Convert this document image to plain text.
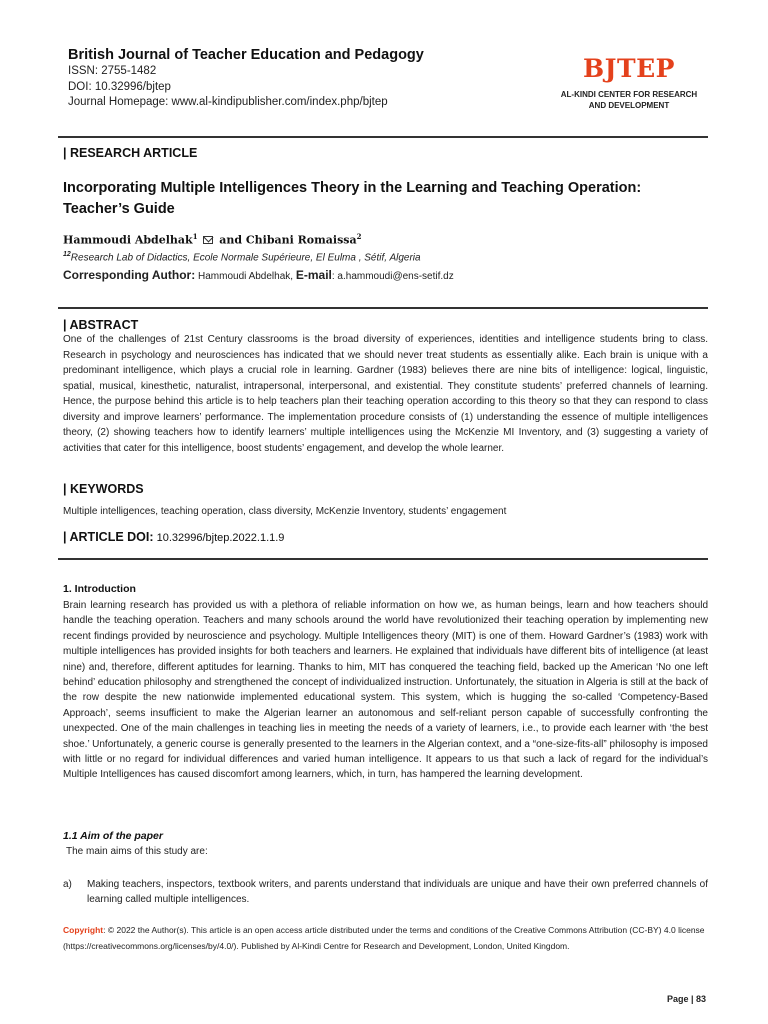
British Journal of Teacher Education and Pedagogy
ISSN: 2755-1482
DOI: 10.32996/bjtep
Journal Homepage: www.al-kindipublisher.com/index.php/bjtep
BJTEP
AL-KINDI CENTER FOR RESEARCH
AND DEVELOPMENT
| RESEARCH ARTICLE
Incorporating Multiple Intelligences Theory in the Learning and Teaching Operation: Teacher’s Guide
Hammoudi Abdelhak$^1$  and Chibani Romaissa$^2$
$^{12}$Research Lab of Didactics, Ecole Normale Supérieure, El Eulma , Sétif, Algeria
Corresponding Author: Hammoudi Abdelhak, E-mail: a.hammoudi@ens-setif.dz
| ABSTRACT
One of the challenges of 21st Century classrooms is the broad diversity of experiences, identities and intelligence students bring to class. Research in psychology and neurosciences has indicated that we should never treat students as essentially alike. Each brain is unique with a predominant intelligence, which plays a crucial role in learning. Gardner (1983) believes there are nine bits of intelligence: logical, linguistic, spatial, musical, kinesthetic, naturalist, intrapersonal, interpersonal, and existential. They constitute students’ preferred channels of learning. Hence, the purpose behind this article is to help teachers plan their teaching operation according to this theory so that they can respond to class diversity and improve learners’ performance. The implementation procedure consists of (1) understanding the essence of multiple intelligences theory, (2) showing teachers how to identify learners’ multiple intelligences using the McKenzie MI Inventory, and (3) suggesting a variety of activities that cater for this intelligence, boost students’ engagement, and develop the whole learner.
| KEYWORDS
Multiple intelligences, teaching operation, class diversity, McKenzie Inventory, students’ engagement
| ARTICLE DOI: 10.32996/bjtep.2022.1.1.9
1. Introduction
Brain learning research has provided us with a plethora of reliable information on how we, as human beings, learn and how teachers should handle the teaching operation. Teachers and many schools around the world have revolutionized their teaching operation by implementing new recent findings provided by neuroscience and psychology. Multiple Intelligences theory (MIT) is one of them. Howard Gardner’s (1983) work with multiple intelligences has provided insights for both teachers and learners. He explained that individuals have different bits of intelligence (at least nine) and, therefore, different aptitudes for learning. Thanks to him, MIT has conquered the teaching field, backed up the American ‘No one left behind’ education philosophy and strengthened the concept of individualized instruction. Unfortunately, the situation in Algeria is still at the back of the row despite the new nationwide implemented educational system. This system, which is hugging the so-called ‘Competency-Based Approach’, seems insufficient to make the Algerian learner an autonomous and self-reliant person capable of successfully confronting the unexpected. One of the main challenges in teaching lies in meeting the needs of a variety of learners, i.e., to provide each learner with ‘the best shoe.’ Unfortunately, a generic course is generally presented to the learners in the Algerian context, and a “one-size-fits-all” philosophy is imposed with little or no regard for individual differences and varied human intelligence. It appears to us that such a lack of regard for the individual’s Multiple Intelligences has caused discomfort among learners, which, in turn, has hampered the learning development.
1.1 Aim of the paper
The main aims of this study are:
a) Making teachers, inspectors, textbook writers, and parents understand that individuals are unique and have their own preferred channels of learning called multiple intelligences.
Copyright: © 2022 the Author(s). This article is an open access article distributed under the terms and conditions of the Creative Commons Attribution (CC-BY) 4.0 license (https://creativecommons.org/licenses/by/4.0/). Published by Al-Kindi Centre for Research and Development, London, United Kingdom.
Page | 83
